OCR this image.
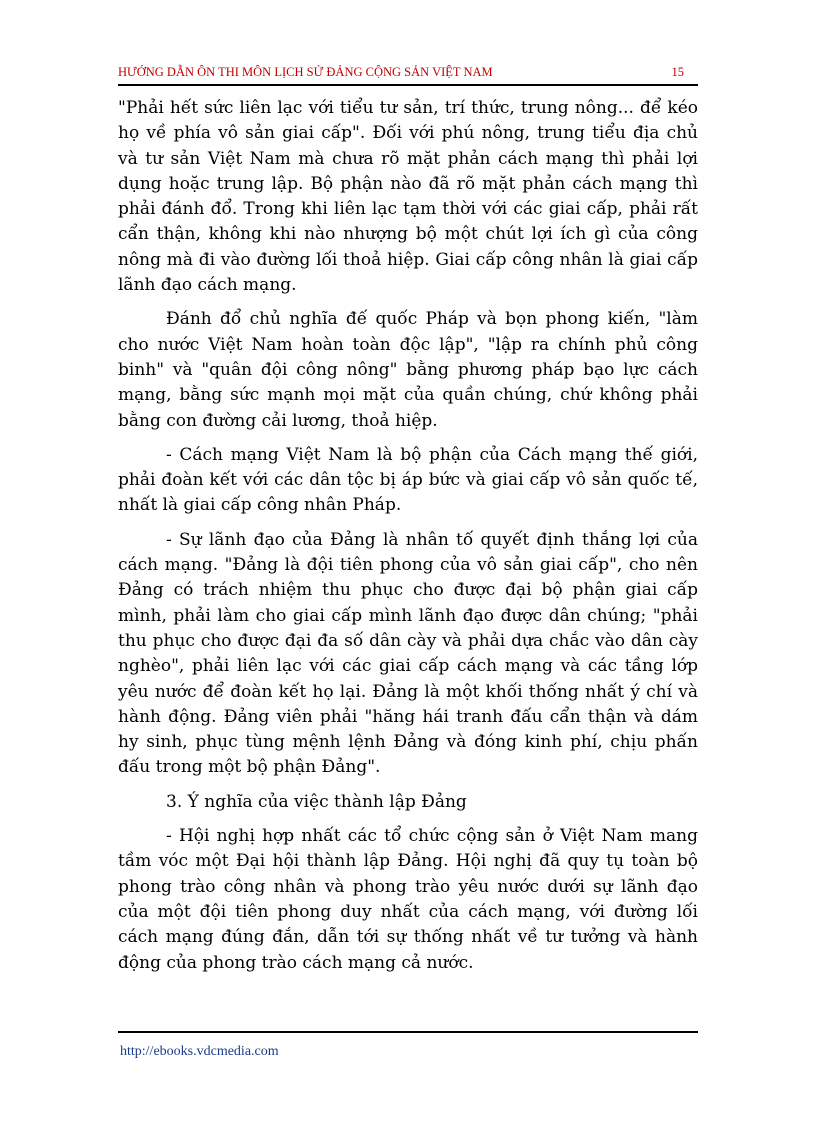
HƯỚNG DẪN ÔN THI MÔN LỊCH SỬ ĐẢNG CỘNG SẢN VIỆT NAM	15

"Phải hết sức liên lạc với tiểu tư sản, trí thức, trung nông... để kéo họ về phía vô sản giai cấp". Đối với phú nông, trung tiểu địa chủ và tư sản Việt Nam mà chưa rõ mặt phản cách mạng thì phải lợi dụng hoặc trung lập. Bộ phận nào đã rõ mặt phản cách mạng thì phải đánh đổ. Trong khi liên lạc tạm thời với các giai cấp, phải rất cẩn thận, không khi nào nhượng bộ một chút lợi ích gì của công nông mà đi vào đường lối thoả hiệp. Giai cấp công nhân là giai cấp lãnh đạo cách mạng.

Đánh đổ chủ nghĩa đế quốc Pháp và bọn phong kiến, "làm cho nước Việt Nam hoàn toàn độc lập", "lập ra chính phủ công binh" và "quân đội công nông" bằng phương pháp bạo lực cách mạng, bằng sức mạnh mọi mặt của quần chúng, chứ không phải bằng con đường cải lương, thoả hiệp.

- Cách mạng Việt Nam là bộ phận của Cách mạng thế giới, phải đoàn kết với các dân tộc bị áp bức và giai cấp vô sản quốc tế, nhất là giai cấp công nhân Pháp.

- Sự lãnh đạo của Đảng là nhân tố quyết định thắng lợi của cách mạng. "Đảng là đội tiên phong của vô sản giai cấp", cho nên Đảng có trách nhiệm thu phục cho được đại bộ phận giai cấp mình, phải làm cho giai cấp mình lãnh đạo được dân chúng; "phải thu phục cho được đại đa số dân cày và phải dựa chắc vào dân cày nghèo", phải liên lạc với các giai cấp cách mạng và các tầng lớp yêu nước để đoàn kết họ lại. Đảng là một khối thống nhất ý chí và hành động. Đảng viên phải "hăng hái tranh đấu cẩn thận và dám hy sinh, phục tùng mệnh lệnh Đảng và đóng kinh phí, chịu phấn đấu trong một bộ phận Đảng".

3. Ý nghĩa của việc thành lập Đảng

- Hội nghị hợp nhất các tổ chức cộng sản ở Việt Nam mang tầm vóc một Đại hội thành lập Đảng. Hội nghị đã quy tụ toàn bộ phong trào công nhân và phong trào yêu nước dưới sự lãnh đạo của một đội tiên phong duy nhất của cách mạng, với đường lối cách mạng đúng đắn, dẫn tới sự thống nhất về tư tưởng và hành động của phong trào cách mạng cả nước.

http://ebooks.vdcmedia.com
